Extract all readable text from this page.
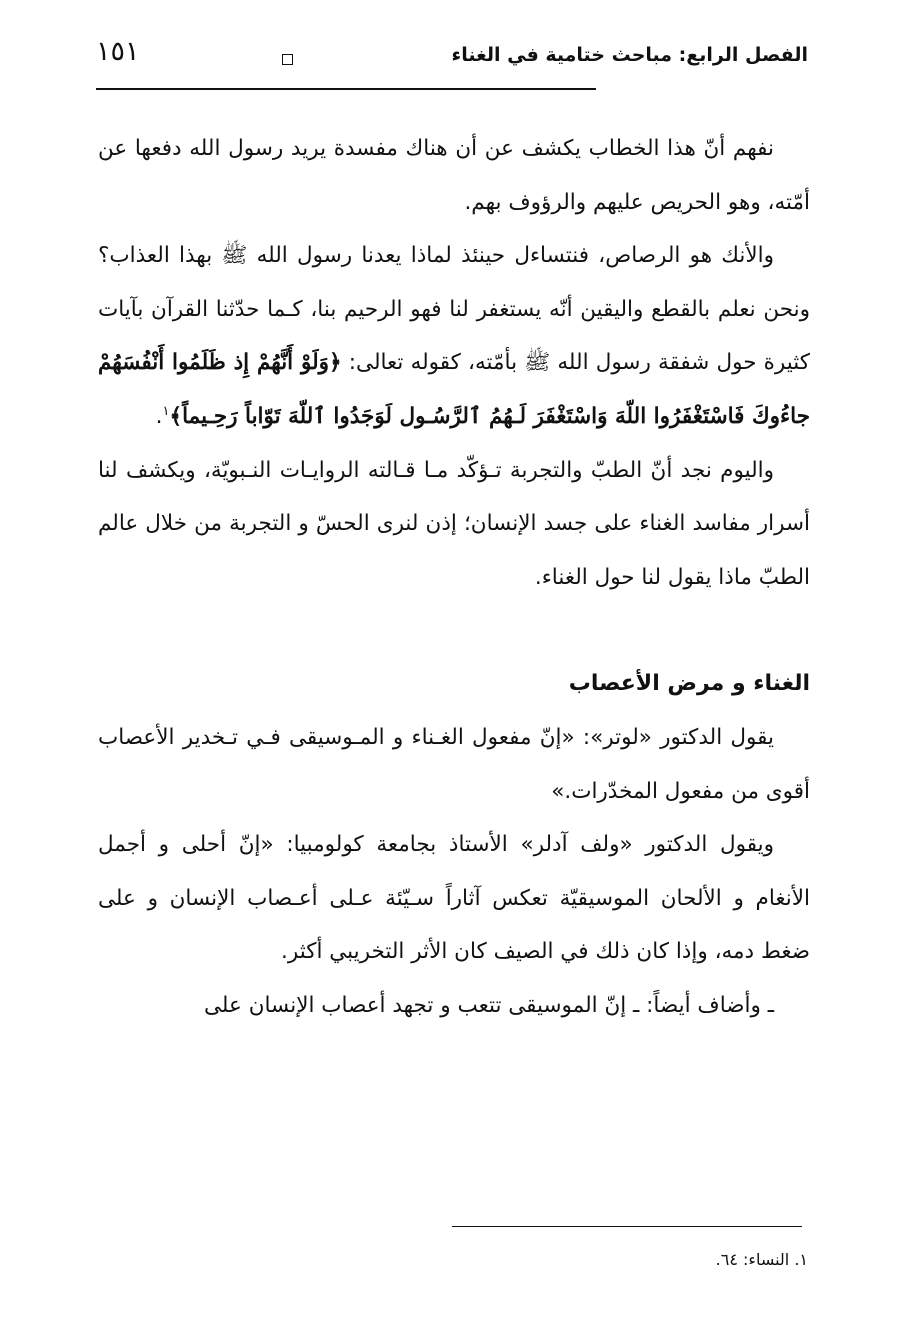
الفصل الرابع: مباحث ختامية في الغناء
١٥١

نفهم أنّ هذا الخطاب يكشف عن أن هناك مفسدة يريد رسول الله دفعها عن أمّته، وهو الحريص عليهم والرؤوف بهم.

والأنك هو الرصاص، فنتساءل حينئذ لماذا يعدنا رسول الله ﷺ بهذا العذاب؟ ونحن نعلم بالقطع واليقين أنّه يستغفر لنا فهو الرحيم بنا، كـما حدّثنا القرآن بآيات كثيرة حول شفقة رسول الله ﷺ بأمّته، كقوله تعالى: ﴿وَلَوْ أَنَّهُمْ إِذ ظَلَمُوا أَنْفُسَهُمْ جاءُوكَ فَاسْتَغْفَرُوا اللّهَ وَاسْتَغْفَرَ لَـهُمُ ٱلرَّسُـول لَوَجَدُوا ٱللّهَ تَوّاباً رَحِـيماً﴾$^١$.

واليوم نجد أنّ الطبّ والتجربة تـؤكّد مـا قـالته الروايـات النـبويّة، ويكشف لنا أسرار مفاسد الغناء على جسد الإنسان؛ إذن لنرى الحسّ و التجربة من خلال عالم الطبّ ماذا يقول لنا حول الغناء.

الغناء و مرض الأعصاب

يقول الدكتور «لوتر»: «إنّ مفعول الغـناء و المـوسيقى فـي تـخدير الأعصاب أقوى من مفعول المخدّرات.»

ويقول الدكتور «ولف آدلر» الأستاذ بجامعة كولومبيا: «إنّ أحلى و أجمل الأنغام و الألحان الموسيقيّة تعكس آثاراً سـيّئة عـلى أعـصاب الإنسان و على ضغط دمه، وإذا كان ذلك في الصيف كان الأثر التخريبي أكثر.

ـ وأضاف أيضاً: ـ إنّ الموسيقى تتعب و تجهد أعصاب الإنسان على

١. النساء: ٦٤.
